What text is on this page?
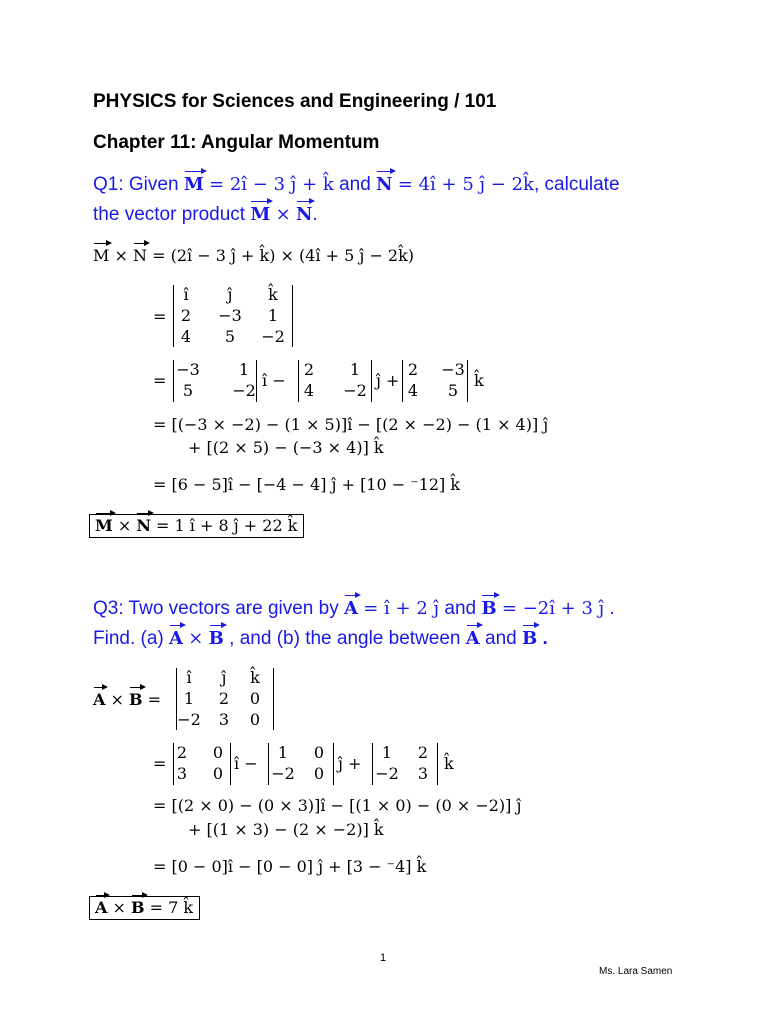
PHYSICS for Sciences and Engineering / 101
Chapter 11: Angular Momentum
Q1: Given M = 2î − 3 ĵ + k̂ and N = 4î + 5 ĵ − 2k̂, calculate
the vector product M × N.
M × N = (2î − 3 ĵ + k̂) × (4î + 5 ĵ − 2k̂)
=
î	ĵ	k̂
2	−3	1
4	5	−2
=
−3	1
5	−2
î −
2	1
4	−2
ĵ +
2	−3
4	5
k̂
= [(−3 × −2) − (1 × 5)]î − [(2 × −2) − (1 × 4)] ĵ
+ [(2 × 5) − (−3 × 4)] k̂
= [6 − 5]î − [−4 − 4] ĵ + [10 − ⁻12] k̂
M × N = 1 î + 8 ĵ + 22 k̂
Q3: Two vectors are given by A = î + 2 ĵ and B = −2î + 3 ĵ .
Find. (a) A × B , and (b) the angle between A and B .
A × B =
î	ĵ	k̂
1	2	0
−2	3	0
=
2	0
3	0
î −
1	0
−2	0
ĵ +
1	2
−2	3
k̂
= [(2 × 0) − (0 × 3)]î − [(1 × 0) − (0 × −2)] ĵ
+ [(1 × 3) − (2 × −2)] k̂
= [0 − 0]î − [0 − 0] ĵ + [3 − ⁻4] k̂
A × B = 7 k̂
1
Ms. Lara Samen
